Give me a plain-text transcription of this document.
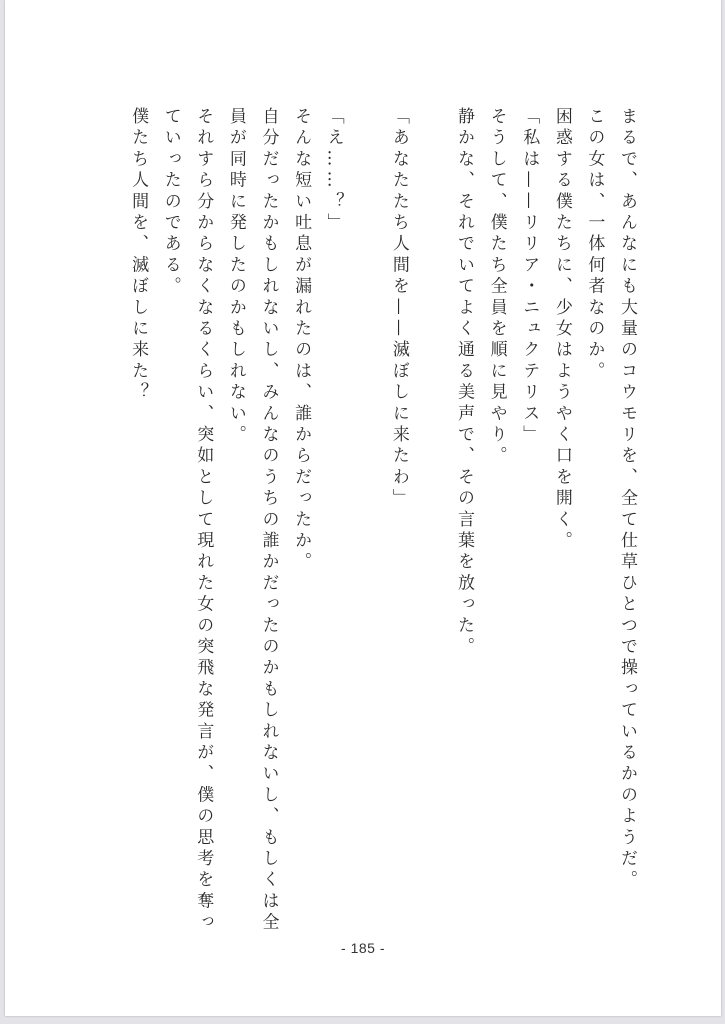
まるで、あんなにも大量のコウモリを、全て仕草ひとつで操っているかのようだ。
この女は、一体何者なのか。
困惑する僕たちに、少女はようやく口を開く。
「私は——リリア・ニュクテリス」
そうして、僕たち全員を順に見やり。
静かな、それでいてよく通る美声で、その言葉を放った。
「あなたたち人間を——滅ぼしに来たわ」
「え……？」
そんな短い吐息が漏れたのは、誰からだったか。
自分だったかもしれないし、みんなのうちの誰かだったのかもしれないし、もしくは全
員が同時に発したのかもしれない。
それすら分からなくなるくらい、突如として現れた女の突飛な発言が、僕の思考を奪っ
ていったのである。
僕たち人間を、滅ぼしに来た？
- 185 -
